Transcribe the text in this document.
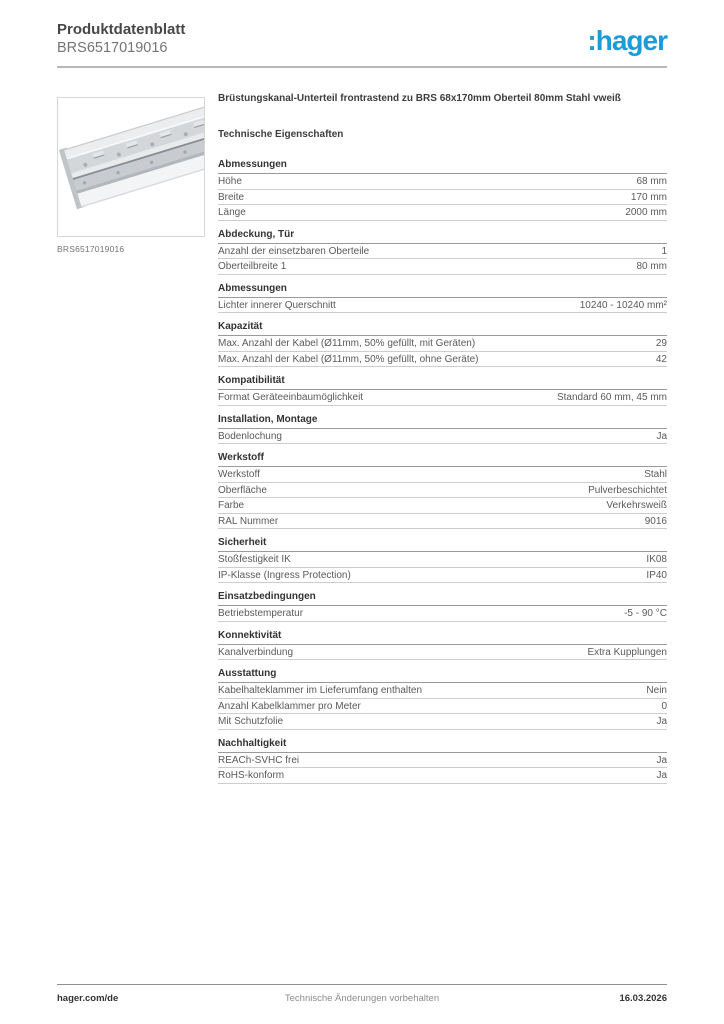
Produktdatenblatt
BRS6517019016	:hager
BRS6517019016
Brüstungskanal-Unterteil frontrastend zu BRS 68x170mm Oberteil 80mm Stahl vweiß
Technische Eigenschaften
Abmessungen
Höhe	68 mm
Breite	170 mm
Länge	2000 mm
Abdeckung, Tür
Anzahl der einsetzbaren Oberteile	1
Oberteilbreite 1	80 mm
Abmessungen
Lichter innerer Querschnitt	10240 - 10240 mm²
Kapazität
Max. Anzahl der Kabel (Ø11mm, 50% gefüllt, mit Geräten)	29
Max. Anzahl der Kabel (Ø11mm, 50% gefüllt, ohne Geräte)	42
Kompatibilität
Format Geräteeinbaumöglichkeit	Standard 60 mm, 45 mm
Installation, Montage
Bodenlochung	Ja
Werkstoff
Werkstoff	Stahl
Oberfläche	Pulverbeschichtet
Farbe	Verkehrsweiß
RAL Nummer	9016
Sicherheit
Stoßfestigkeit IK	IK08
IP-Klasse (Ingress Protection)	IP40
Einsatzbedingungen
Betriebstemperatur	-5 - 90 °C
Konnektivität
Kanalverbindung	Extra Kupplungen
Ausstattung
Kabelhalteklammer im Lieferumfang enthalten	Nein
Anzahl Kabelklammer pro Meter	0
Mit Schutzfolie	Ja
Nachhaltigkeit
REACh-SVHC frei	Ja
RoHS-konform	Ja
hager.com/de	Technische Änderungen vorbehalten	16.03.2026
